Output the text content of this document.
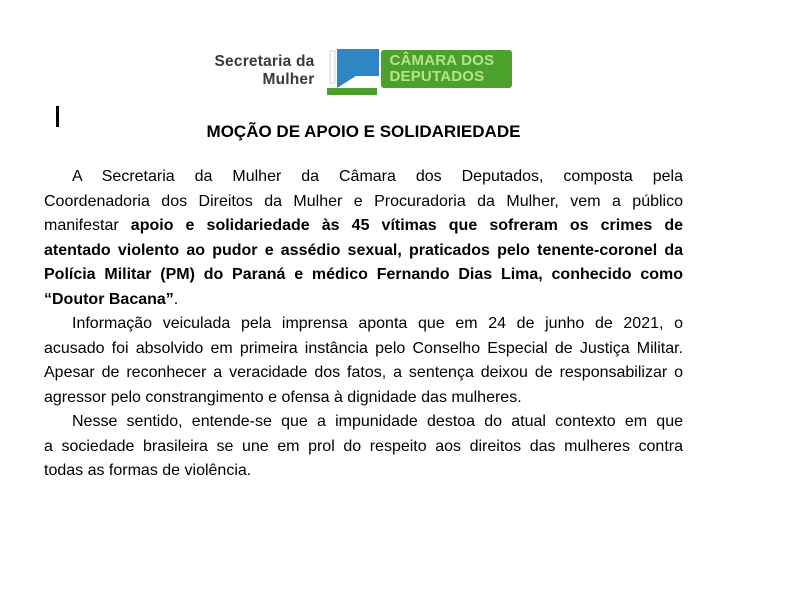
Secretaria da
Mulher
CÂMARA DOS
DEPUTADOS
MOÇÃO DE APOIO E SOLIDARIEDADE
A Secretaria da Mulher da Câmara dos Deputados, composta pela
Coordenadoria dos Direitos da Mulher e Procuradoria da Mulher, vem a público
manifestar apoio e solidariedade às 45 vítimas que sofreram os crimes de
atentado violento ao pudor e assédio sexual, praticados pelo tenente-coronel da
Polícia Militar (PM) do Paraná e médico Fernando Dias Lima, conhecido como
“Doutor Bacana”.
Informação veiculada pela imprensa aponta que em 24 de junho de 2021, o
acusado foi absolvido em primeira instância pelo Conselho Especial de Justiça Militar.
Apesar de reconhecer a veracidade dos fatos, a sentença deixou de responsabilizar o
agressor pelo constrangimento e ofensa à dignidade das mulheres.
Nesse sentido, entende-se que a impunidade destoa do atual contexto em que
a sociedade brasileira se une em prol do respeito aos direitos das mulheres contra
todas as formas de violência.
